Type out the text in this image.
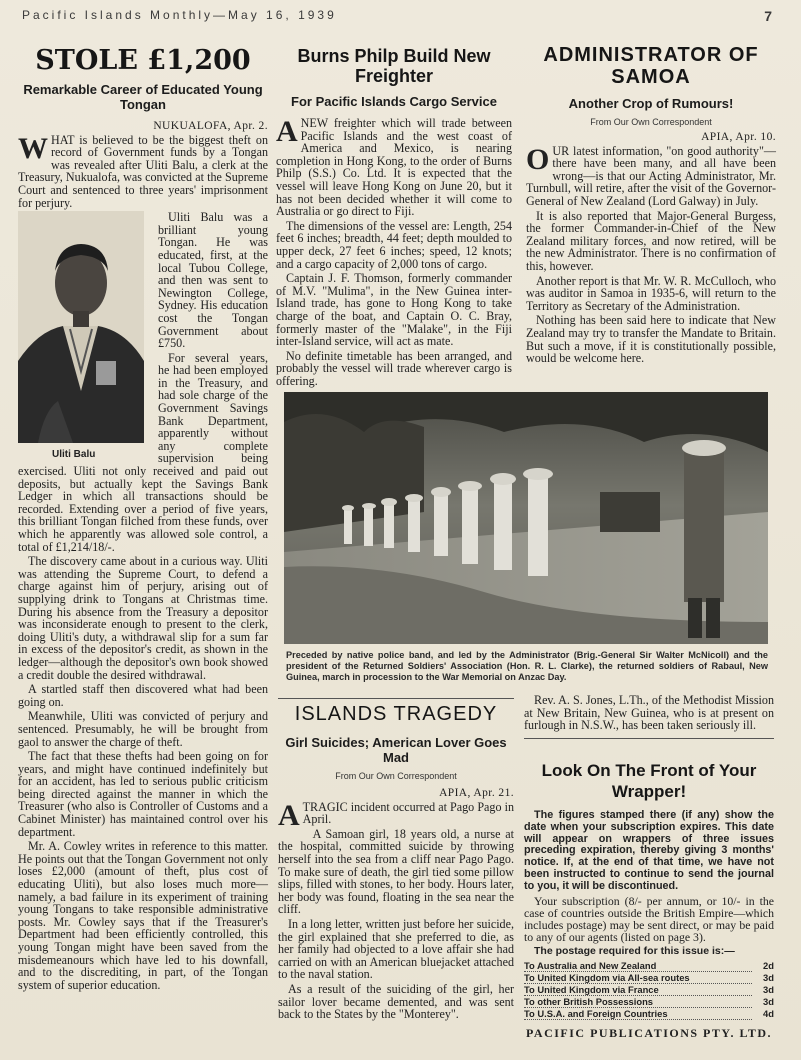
Pacific Islands Monthly—May 16, 1939	7
STOLE £1,200
Remarkable Career of Educated Young Tongan
NUKUALOFA, Apr. 2.

WHAT is believed to be the biggest theft on record of Government funds by a Tongan was revealed after Uliti Balu, a clerk at the Treasury, Nukualofa, was convicted at the Supreme Court and sentenced to three years' imprisonment for perjury.

Uliti Balu

Uliti Balu was a brilliant young Tongan. He was educated, first, at the local Tubou College, and then was sent to Newington College, Sydney. His education cost the Tongan Government about £750.

For several years, he had been employed in the Treasury, and had sole charge of the Government Savings Bank Department, apparently without any complete supervision being exercised. Uliti not only received and paid out deposits, but actually kept the Savings Bank Ledger in which all transactions should be recorded. Extending over a period of five years, this brilliant Tongan filched from these funds, over which he apparently was allowed sole control, a total of £1,214/18/-.

The discovery came about in a curious way. Uliti was attending the Supreme Court, to defend a charge against him of perjury, arising out of supplying drink to Tongans at Christmas time. During his absence from the Treasury a depositor was inconsiderate enough to present to the clerk, doing Uliti's duty, a withdrawal slip for a sum far in excess of the depositor's credit, as shown in the ledger—although the depositor's own book showed a credit double the desired withdrawal.

A startled staff then discovered what had been going on.

Meanwhile, Uliti was convicted of perjury and sentenced. Presumably, he will be brought from gaol to answer the charge of theft.

The fact that these thefts had been going on for years, and might have continued indefinitely but for an accident, has led to serious public criticism being directed against the manner in which the Treasurer (who also is Controller of Customs and a Cabinet Minister) has maintained control over his department.

Mr. A. Cowley writes in reference to this matter. He points out that the Tongan Government not only loses £2,000 (amount of theft, plus cost of educating Uliti), but also loses much more—namely, a bad failure in its experiment of training young Tongans to take responsible administrative posts. Mr. Cowley says that if the Treasurer's Department had been efficiently controlled, this young Tongan might have been saved from the misdemeanours which have led to his downfall, and to the discrediting, in part, of the Tongan system of superior education.

Burns Philp Build New Freighter
For Pacific Islands Cargo Service

ANEW freighter which will trade between Pacific Islands and the west coast of America and Mexico, is nearing completion in Hong Kong, to the order of Burns Philp (S.S.) Co. Ltd. It is expected that the vessel will leave Hong Kong on June 20, but it has not been decided whether it will come to Australia or go direct to Fiji.

The dimensions of the vessel are: Length, 254 feet 6 inches; breadth, 44 feet; depth moulded to upper deck, 27 feet 6 inches; speed, 12 knots; and a cargo capacity of 2,000 tons of cargo.

Captain J. F. Thomson, formerly commander of M.V. "Mulima", in the New Guinea inter-Island trade, has gone to Hong Kong to take charge of the boat, and Captain O. C. Bray, formerly master of the "Malake", in the Fiji inter-Island service, will act as mate.

No definite timetable has been arranged, and probably the vessel will trade wherever cargo is offering.

ADMINISTRATOR OF SAMOA
Another Crop of Rumours!
From Our Own Correspondent
APIA, Apr. 10.

OUR latest information, "on good authority"—there have been many, and all have been wrong—is that our Acting Administrator, Mr. Turnbull, will retire, after the visit of the Governor-General of New Zealand (Lord Galway) in July.

It is also reported that Major-General Burgess, the former Commander-in-Chief of the New Zealand military forces, and now retired, will be the new Administrator. There is no confirmation of this, however.

Another report is that Mr. W. R. McCulloch, who was auditor in Samoa in 1935-6, will return to the Territory as Secretary of the Administration.

Nothing has been said here to indicate that New Zealand may try to transfer the Mandate to Britain. But such a move, if it is constitutionally possible, would be welcome here.

Preceded by native police band, and led by the Administrator (Brig.-General Sir Walter McNicoll) and the president of the Returned Soldiers' Association (Hon. R. L. Clarke), the returned soldiers of Rabaul, New Guinea, march in procession to the War Memorial on Anzac Day.
ISLANDS TRAGEDY
Girl Suicides; American Lover Goes Mad
From Our Own Correspondent
APIA, Apr. 21.

ATRAGIC incident occurred at Pago Pago in April.

A Samoan girl, 18 years old, a nurse at the hospital, committed suicide by throwing herself into the sea from a cliff near Pago Pago. To make sure of death, the girl tied some pillow slips, filled with stones, to her body. Hours later, her body was found, floating in the sea near the cliff.

In a long letter, written just before her suicide, the girl explained that she preferred to die, as her family had objected to a love affair she had carried on with an American bluejacket attached to the naval station.

As a result of the suiciding of the girl, her sailor lover became demented, and was sent back to the States by the "Monterey".

Rev. A. S. Jones, L.Th., of the Methodist Mission at New Britain, New Guinea, who is at present on furlough in N.S.W., has been taken seriously ill.

Look On The Front of Your Wrapper!

The figures stamped there (if any) show the date when your subscription expires. This date will appear on wrappers of three issues preceding expiration, thereby giving 3 months' notice. If, at the end of that time, we have not been instructed to continue to send the journal to you, it will be discontinued.

Your subscription (8/- per annum, or 10/- in the case of countries outside the British Empire—which includes postage) may be sent direct, or may be paid to any of our agents (listed on page 3).

The postage required for this issue is:—

To Australia and New Zealand	2d
To United Kingdom via All-sea routes	3d
To United Kingdom via France	3d
To other British Possessions	3d
To U.S.A. and Foreign Countries	4d
PACIFIC PUBLICATIONS PTY. LTD.
